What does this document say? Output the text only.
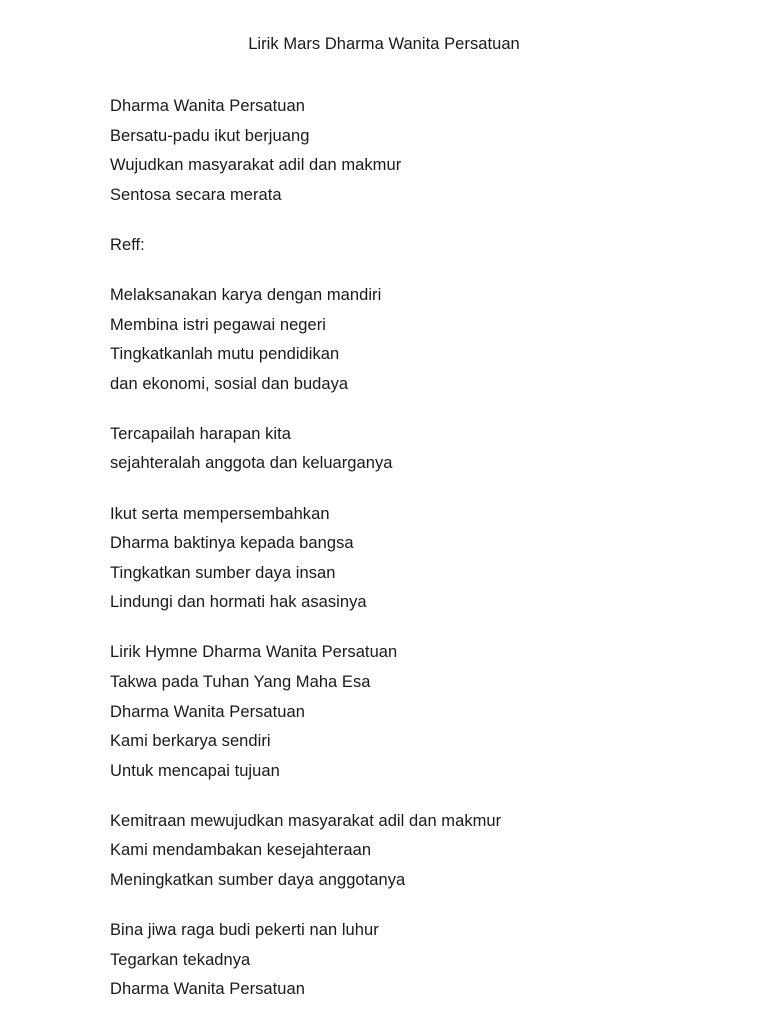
Lirik Mars Dharma Wanita Persatuan
Dharma Wanita Persatuan
Bersatu-padu ikut berjuang
Wujudkan masyarakat adil dan makmur
Sentosa secara merata
Reff:
Melaksanakan karya dengan mandiri
Membina istri pegawai negeri
Tingkatkanlah mutu pendidikan
dan ekonomi, sosial dan budaya
Tercapailah harapan kita
sejahteralah anggota dan keluarganya
Ikut serta mempersembahkan
Dharma baktinya kepada bangsa
Tingkatkan sumber daya insan
Lindungi dan hormati hak asasinya
Lirik Hymne Dharma Wanita Persatuan
Takwa pada Tuhan Yang Maha Esa
Dharma Wanita Persatuan
Kami berkarya sendiri
Untuk mencapai tujuan
Kemitraan mewujudkan masyarakat adil dan makmur
Kami mendambakan kesejahteraan
Meningkatkan sumber daya anggotanya
Bina jiwa raga budi pekerti nan luhur
Tegarkan tekadnya
Dharma Wanita Persatuan
